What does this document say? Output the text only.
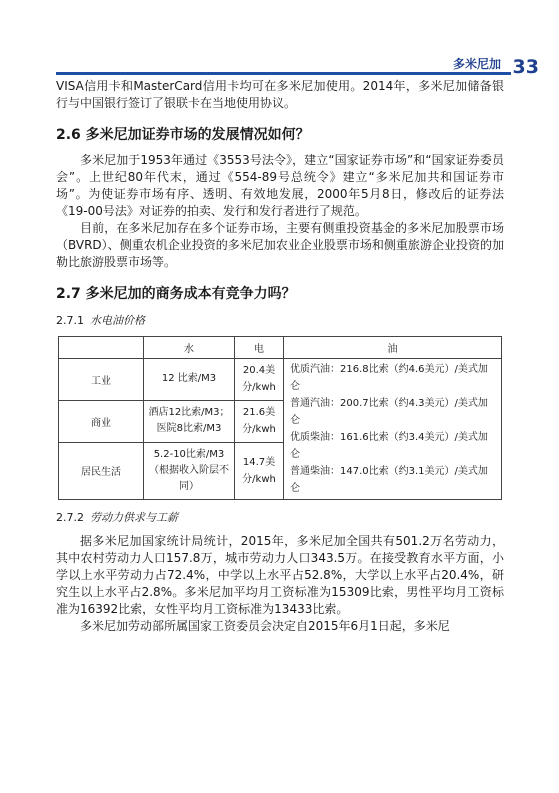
多米尼加 33

VISA信用卡和MasterCard信用卡均可在多米尼加使用。2014年，多米尼加储备银行与中国银行签订了银联卡在当地使用协议。

2.6 多米尼加证券市场的发展情况如何？

多米尼加于1953年通过《3553号法令》，建立“国家证券市场”和“国家证券委员会”。上世纪80年代末，通过《554-89号总统令》建立“多米尼加共和国证券市场”。为使证券市场有序、透明、有效地发展，2000年5月8日，修改后的证券法《19-00号法》对证券的拍卖、发行和发行者进行了规范。

目前，在多米尼加存在多个证券市场，主要有侧重投资基金的多米尼加股票市场（BVRD）、侧重农机企业投资的多米尼加农业企业股票市场和侧重旅游企业投资的加勒比旅游股票市场等。

2.7 多米尼加的商务成本有竞争力吗？
2.7.1 水电油价格
	水	电	油
工业	12 比索/M3	20.4美分/kwh	优质汽油：216.8比索（约4.6美元）/美式加仑
普通汽油：200.7比索（约4.3美元）/美式加仑
优质柴油：161.6比索（约3.4美元）/美式加仑
普通柴油：147.0比索（约3.1美元）/美式加仑

商业	酒店12比索/M3；医院8比索/M3	21.6美分/kwh	
居民生活	5.2-10比索/M3（根据收入阶层不同）	14.7美分/kwh	
2.7.2 劳动力供求与工薪

据多米尼加国家统计局统计，2015年，多米尼加全国共有501.2万名劳动力，其中农村劳动力人口157.8万，城市劳动力人口343.5万。在接受教育水平方面，小学以上水平劳动力占72.4%，中学以上水平占52.8%，大学以上水平占20.4%，研究生以上水平占2.8%。多米尼加平均月工资标准为15309比索，男性平均月工资标准为16392比索，女性平均月工资标准为13433比索。

多米尼加劳动部所属国家工资委员会决定自2015年6月1日起，多米尼
